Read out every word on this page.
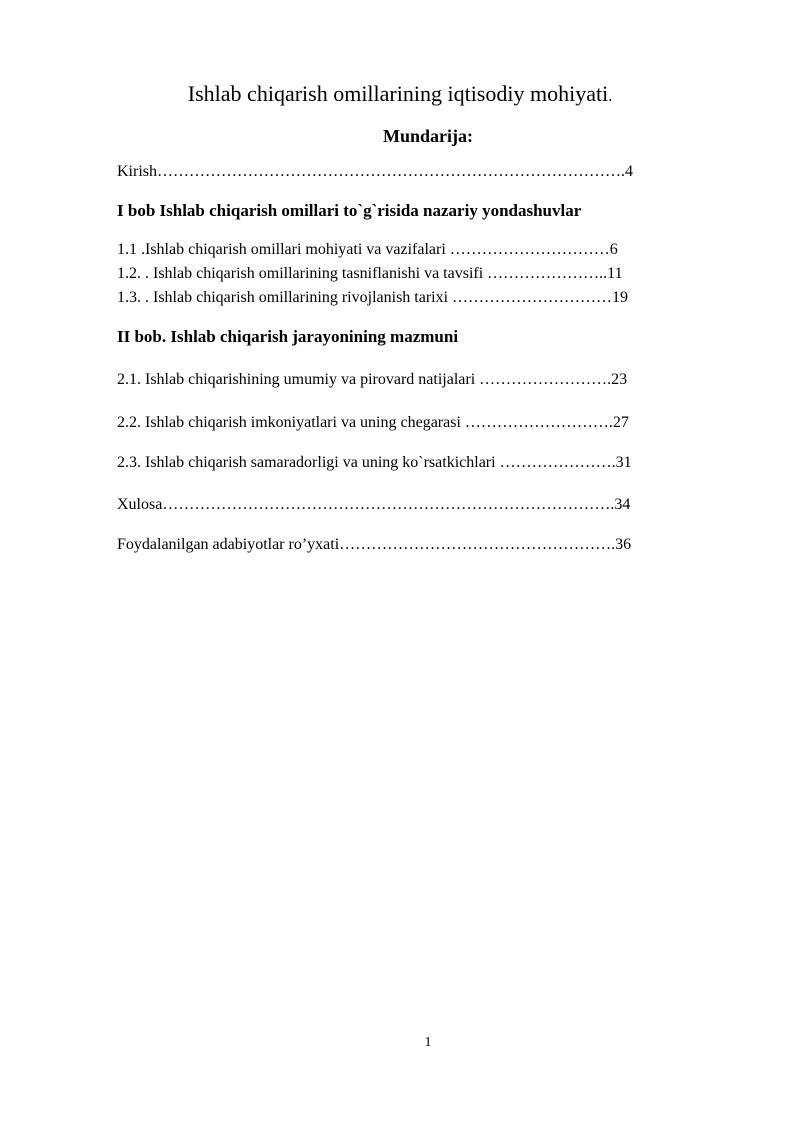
Ishlab chiqarish omillarining iqtisodiy mohiyati.
Mundarija:
Kirish…………………………………………………………………………….4
I bob Ishlab chiqarish omillari to`g`risida nazariy yondashuvlar
1.1 .Ishlab chiqarish omillari mohiyati va vazifalari …………………………6
1.2. . Ishlab chiqarish omillarining tasniflanishi va tavsifi …………………..11
1.3. . Ishlab chiqarish omillarining rivojlanish tarixi …………………………19
II bob. Ishlab chiqarish jarayonining mazmuni
2.1. Ishlab chiqarishining umumiy va pirovard natijalari …………………….23
2.2. Ishlab chiqarish imkoniyatlari va uning chegarasi ……………………….27
2.3. Ishlab chiqarish samaradorligi va uning ko`rsatkichlari ………………….31
Xulosa………………………………………………………………………….34
Foydalanilgan adabiyotlar ro’yxati…………………………………………….36
1
